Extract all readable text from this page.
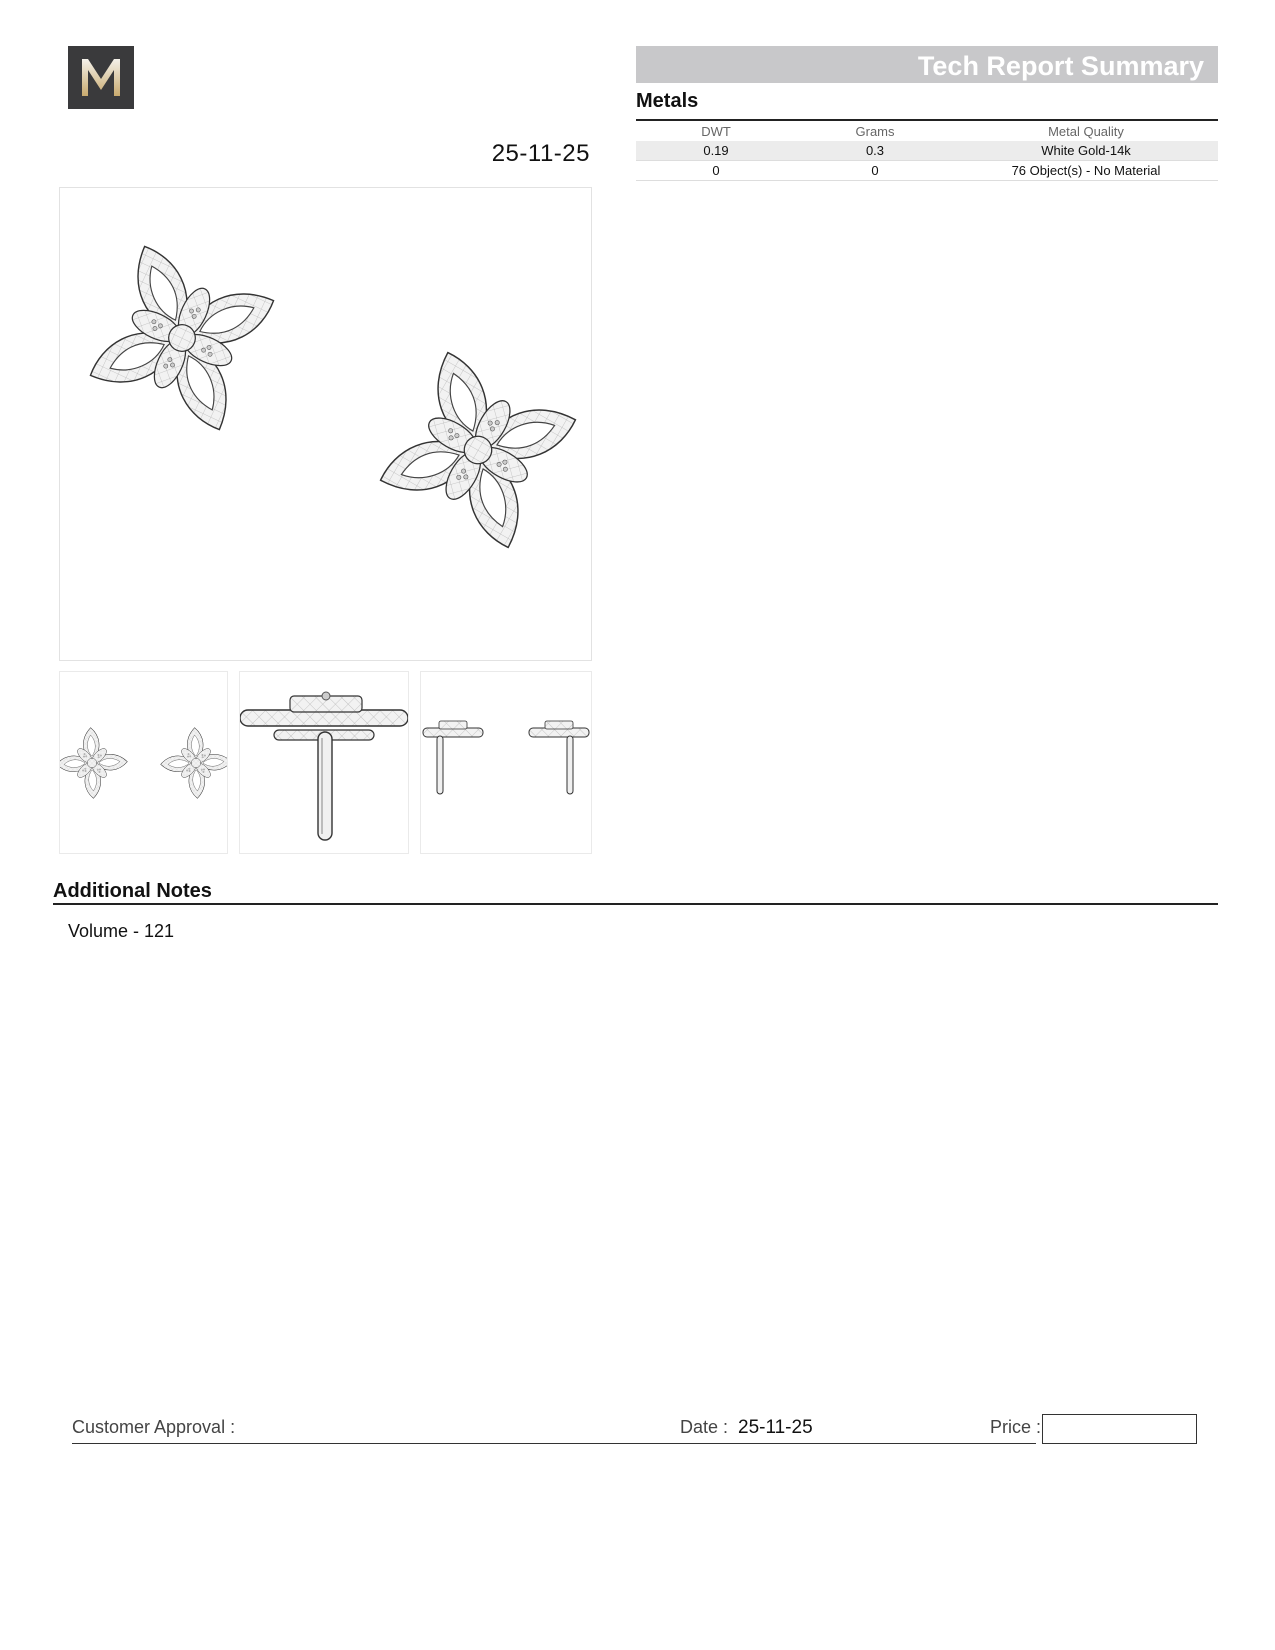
25-11-25
Tech Report Summary
Metals
DWT	Grams	Metal Quality
0.19	0.3	White Gold-14k
0	0	76 Object(s) - No Material
Additional Notes
Volume - 121
Customer Approval :	Date : 25-11-25	Price :
